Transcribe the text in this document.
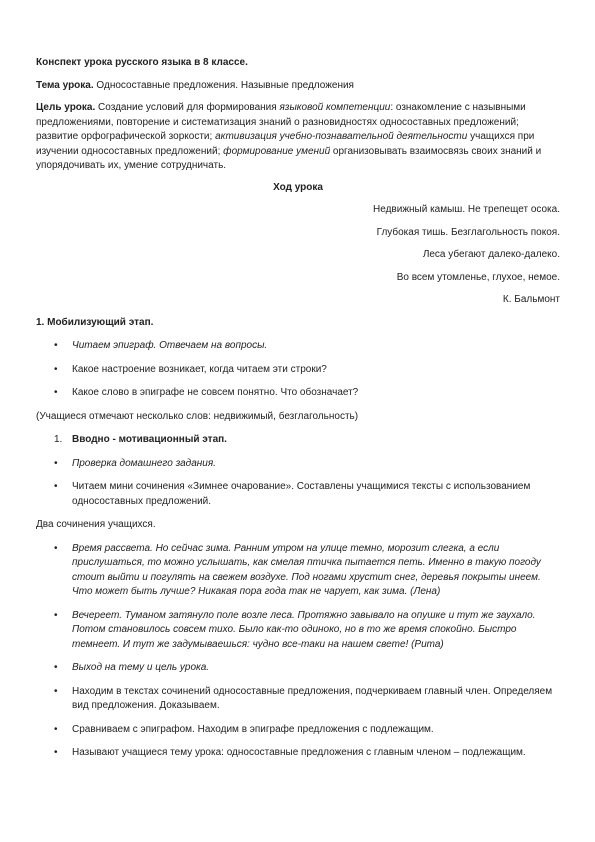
Конспект урока русского языка в 8 классе.

Тема урока. Односоставные предложения. Назывные предложения

Цель урока. Создание условий для формирования языковой компетенции: ознакомление с назывными предложениями, повторение и систематизация знаний о разновидностях односоставных предложений; развитие орфографической зоркости; активизация учебно-познавательной деятельности учащихся при изучении односоставных предложений; формирование умений организовывать взаимосвязь своих знаний и упорядочивать их, умение сотрудничать.

Ход урока

Недвижный камыш. Не трепещет осока.

Глубокая тишь. Безглагольность покоя.

Леса убегают далеко-далеко.

Во всем утомленье, глухое, немое.

К. Бальмонт

1. Мобилизующий этап.

• Читаем эпиграф. Отвечаем на вопросы.
• Какое настроение возникает, когда читаем эти строки?
• Какое слово в эпиграфе не совсем понятно. Что обозначает?

(Учащиеся отмечают несколько слов: недвижимый, безглагольность)

1. Вводно - мотивационный этап.
• Проверка домашнего задания.
• Читаем мини сочинения «Зимнее очарование». Составлены учащимися тексты с использованием односоставных предложений.

Два сочинения учащихся.

• Время рассвета. Но сейчас зима. Ранним утром на улице темно, морозит слегка, а если прислушаться, то можно услышать, как смелая птичка пытается петь. Именно в такую погоду стоит выйти и погулять на свежем воздухе. Под ногами хрустит снег, деревья покрыты инеем. Что может быть лучше? Никакая пора года так не чарует, как зима. (Лена)
• Вечереет. Туманом затянуло поле возле леса. Протяжно завывало на опушке и тут же заухало. Потом становилось совсем тихо. Было как-то одиноко, но в то же время спокойно. Быстро темнеет. И тут же задумываешься: чудно все-таки на нашем свете! (Рита)
• Выход на тему и цель урока.
• Находим в текстах сочинений односоставные предложения, подчеркиваем главный член. Определяем вид предложения. Доказываем.
• Сравниваем с эпиграфом. Находим в эпиграфе предложения с подлежащим.
• Называют учащиеся тему урока: односоставные предложения с главным членом – подлежащим.
